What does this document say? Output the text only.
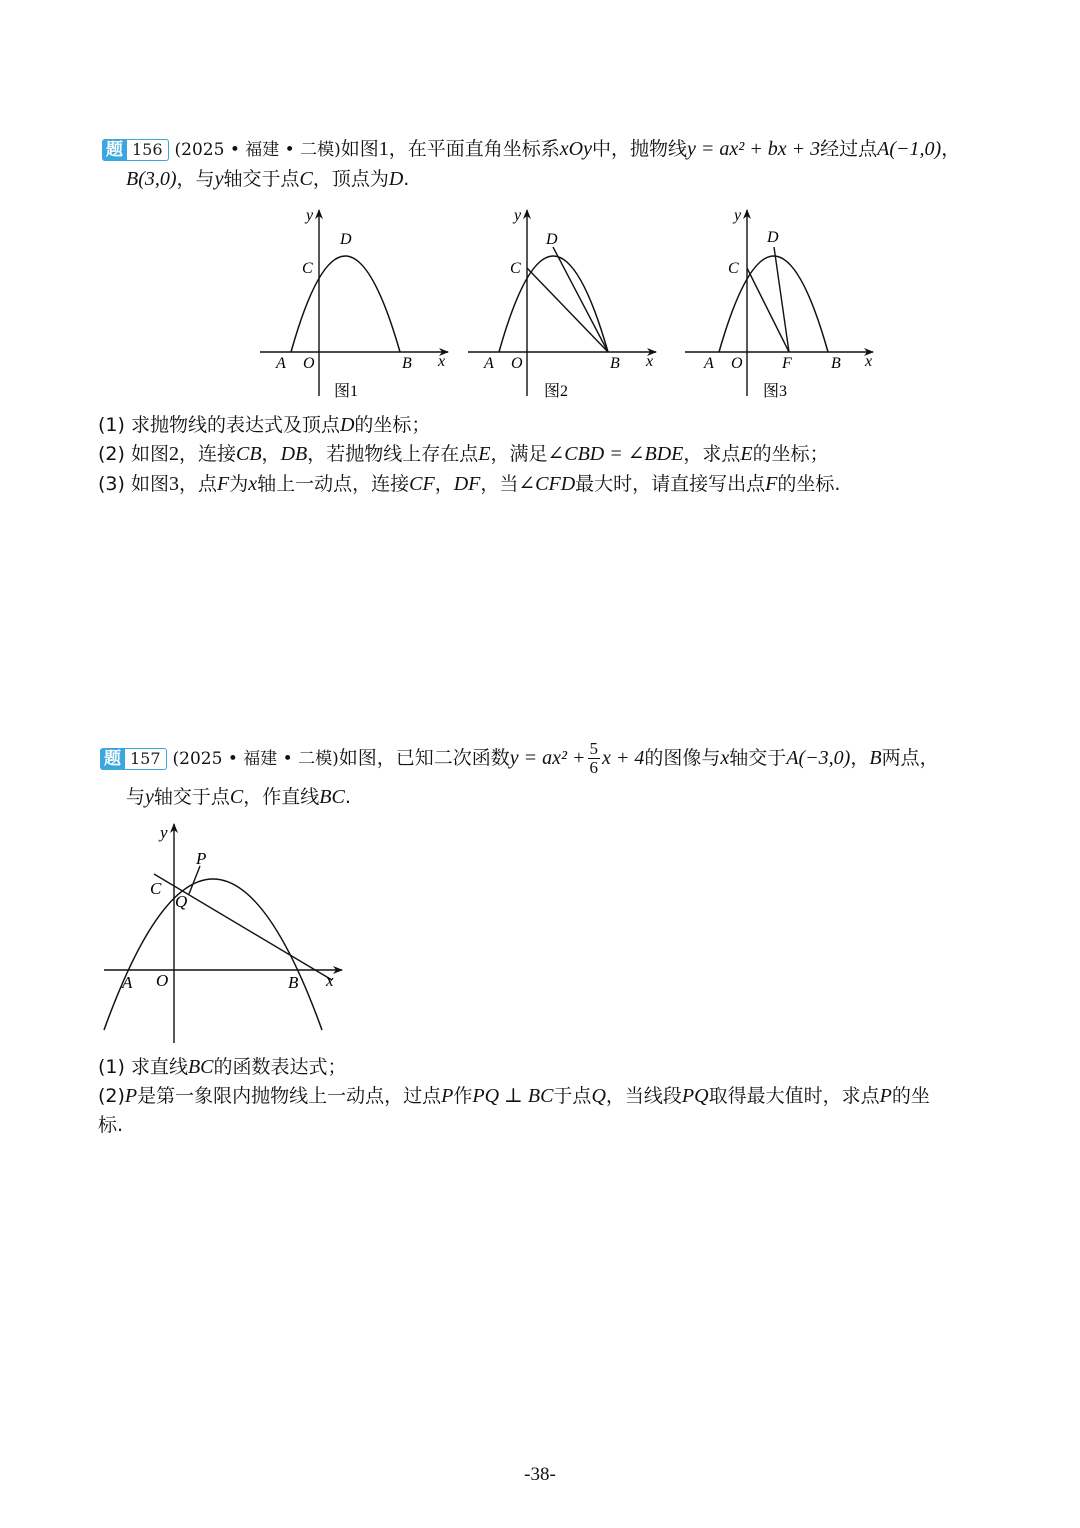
题 156 (2025 • 福建 • 二模)如图1，在平面直角坐标系xOy中，抛物线y = ax² + bx + 3经过点A(−1,0)，
B(3,0)，与y轴交于点C，顶点为D.
y
x
A O	B
C
D
图1
y
x
A O	B
C
D
图2
y
x
A O F B
C
D
图3
(1) 求抛物线的表达式及顶点D的坐标；
(2) 如图2，连接CB，DB，若抛物线上存在点E，满足∠CBD = ∠BDE，求点E的坐标；
(3) 如图3，点F为x轴上一动点，连接CF，DF，当∠CFD最大时，请直接写出点F的坐标.
题 157 (2025 • 福建 • 二模)如图，已知二次函数$y = ax^2 + \frac{5}{6}$ x + 4的图像与x轴交于A(−3,0)，B两点，
与y轴交于点C，作直线BC.
y
x
A O	B
C
P
Q
(1) 求直线BC的函数表达式；
(2)P是第一象限内抛物线上一动点，过点P作PQ ⊥ BC于点Q，当线段PQ取得最大值时，求点P的坐
标.
-38-
